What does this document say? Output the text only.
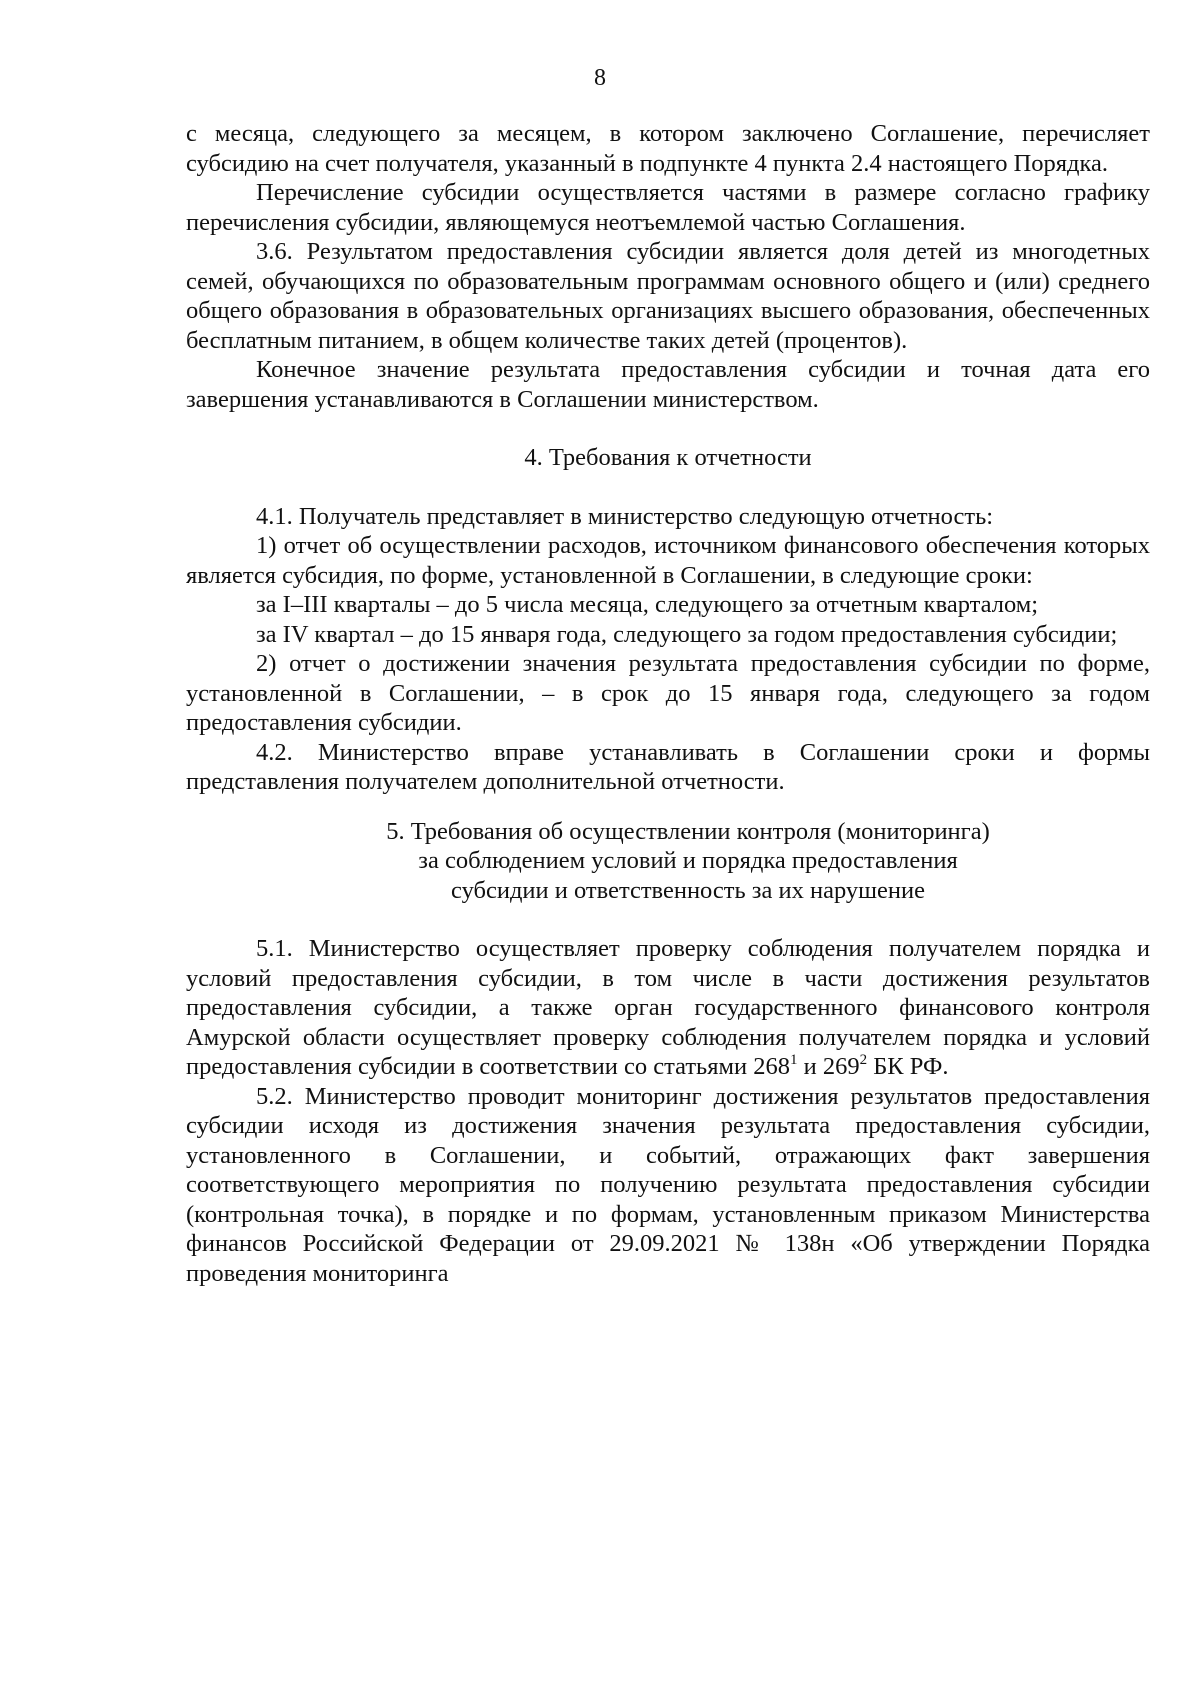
8

с месяца, следующего за месяцем, в котором заключено Соглашение, перечисляет субсидию на счет получателя, указанный в подпункте 4 пункта 2.4 настоящего Порядка.

Перечисление субсидии осуществляется частями в размере согласно графику перечисления субсидии, являющемуся неотъемлемой частью Соглашения.

3.6. Результатом предоставления субсидии является доля детей из многодетных семей, обучающихся по образовательным программам основного общего и (или) среднего общего образования в образовательных организациях высшего образования, обеспеченных бесплатным питанием, в общем количестве таких детей (процентов).

Конечное значение результата предоставления субсидии и точная дата его завершения устанавливаются в Соглашении министерством.

4. Требования к отчетности

4.1. Получатель представляет в министерство следующую отчетность:

1) отчет об осуществлении расходов, источником финансового обеспечения которых является субсидия, по форме, установленной в Соглашении, в следующие сроки:

за I–III кварталы – до 5 числа месяца, следующего за отчетным кварталом;

за IV квартал – до 15 января года, следующего за годом предоставления субсидии;

2) отчет о достижении значения результата предоставления субсидии по форме, установленной в Соглашении, – в срок до 15 января года, следующего за годом предоставления субсидии.

4.2. Министерство вправе устанавливать в Соглашении сроки и формы представления получателем дополнительной отчетности.

5. Требования об осуществлении контроля (мониторинга)
за соблюдением условий и порядка предоставления
субсидии и ответственность за их нарушение

5.1. Министерство осуществляет проверку соблюдения получателем порядка и условий предоставления субсидии, в том числе в части достижения результатов предоставления субсидии, а также орган государственного финансового контроля Амурской области осуществляет проверку соблюдения получателем порядка и условий предоставления субсидии в соответствии со статьями $268^1$ и $269^2$ БК РФ.

5.2. Министерство проводит мониторинг достижения результатов предоставления субсидии исходя из достижения значения результата предоставления субсидии, установленного в Соглашении, и событий, отражающих факт завершения соответствующего мероприятия по получению результата предоставления субсидии (контрольная точка), в порядке и по формам, установленным приказом Министерства финансов Российской Федерации от 29.09.2021 № 138н «Об утверждении Порядка проведения мониторинга
